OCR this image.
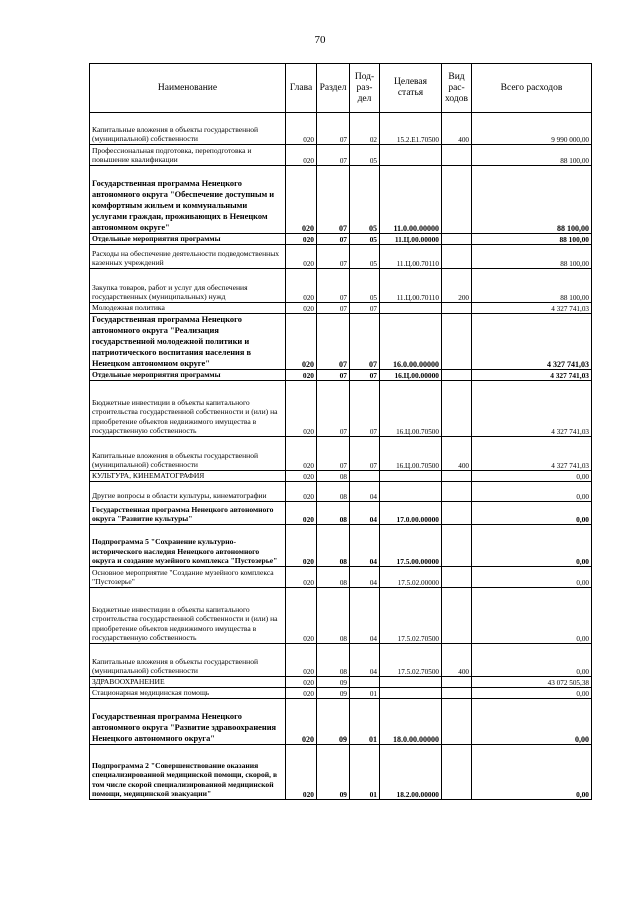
70
Наименование	Глава	Раздел	Под-раз-дел	Целевая статья	Вид рас-ходов	Всего расходов
Капитальные вложения в объекты государственной (муниципальной) собственности	020	07	02	15.2.Е1.70500	400	9 990 000,00
Профессиональная подготовка, переподготовка и повышение квалификации	020	07	05			88 100,00
Государственная программа Ненецкого автономного округа "Обеспечение доступным и комфортным жильем и коммунальными услугами граждан, проживающих в Ненецком автономном округе"	020	07	05	11.0.00.00000		88 100,00
Отдельные мероприятия программы	020	07	05	11.Ц.00.00000		88 100,00
Расходы на обеспечение деятельности подведомственных казенных учреждений	020	07	05	11.Ц.00.70110		88 100,00
Закупка товаров, работ и услуг для обеспечения государственных (муниципальных) нужд	020	07	05	11.Ц.00.70110	200	88 100,00
Молодежная политика	020	07	07			4 327 741,03
Государственная программа Ненецкого автономного округа "Реализация государственной молодежной политики и патриотического воспитания населения в Ненецком автономном округе"	020	07	07	16.0.00.00000		4 327 741,03
Отдельные мероприятия программы	020	07	07	16.Ц.00.00000		4 327 741,03
Бюджетные инвестиции в объекты капитального строительства государственной собственности и (или) на приобретение объектов недвижимого имущества в государственную собственность	020	07	07	16.Ц.00.70500		4 327 741,03
Капитальные вложения в объекты государственной (муниципальной) собственности	020	07	07	16.Ц.00.70500	400	4 327 741,03
КУЛЬТУРА, КИНЕМАТОГРАФИЯ	020	08				0,00
Другие вопросы в области культуры, кинематографии	020	08	04			0,00
Государственная программа Ненецкого автономного округа "Развитие культуры"	020	08	04	17.0.00.00000		0,00
Подпрограмма 5 "Сохранение культурно-исторического наследия Ненецкого автономного округа и создание музейного комплекса "Пустозерье"	020	08	04	17.5.00.00000		0,00
Основное мероприятие "Создание музейного комплекса "Пустозерье"	020	08	04	17.5.02.00000		0,00
Бюджетные инвестиции в объекты капитального строительства государственной собственности и (или) на приобретение объектов недвижимого имущества в государственную собственность	020	08	04	17.5.02.70500		0,00
Капитальные вложения в объекты государственной (муниципальной) собственности	020	08	04	17.5.02.70500	400	0,00
ЗДРАВООХРАНЕНИЕ	020	09				43 072 505,38
Стационарная медицинская помощь	020	09	01			0,00
Государственная программа Ненецкого автономного округа "Развитие здравоохранения Ненецкого автономного округа"	020	09	01	18.0.00.00000		0,00
Подпрограмма 2 "Совершенствование оказания специализированной медицинской помощи, скорой, в том числе скорой специализированной медицинской помощи, медицинской эвакуации"	020	09	01	18.2.00.00000		0,00
